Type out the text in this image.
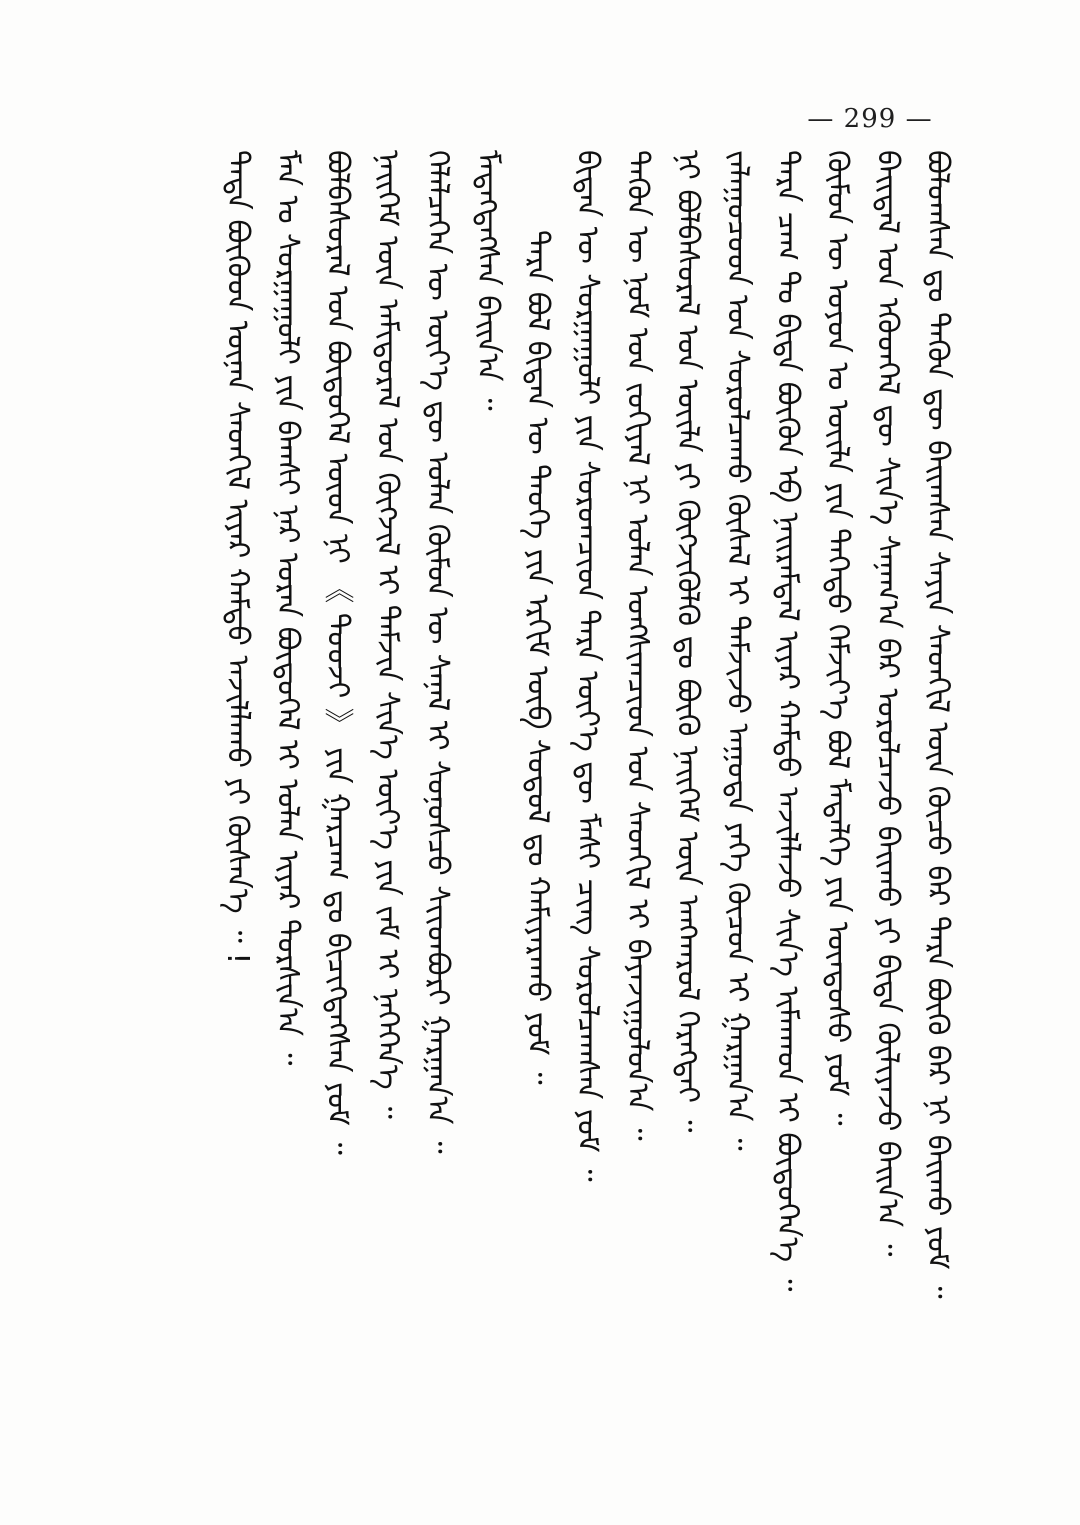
— 299 —
ᠪᠣᠯᠤᠭᠰᠠᠨ ᠳᠤ ᠲᠡᠭᠦᠨ ᠳᠦ ᠪᠠᠢᠭᠰᠠᠨ ᠰᠠᠶᠢᠨ ᠰᠡᠳᠬᠢᠯ ᠦᠨ ᠬᠦᠴᠦ ᠪᠡᠷ ᠲᠡᠷᠡ ᠪᠦᠬᠦ ᠪᠡᠷ ᠨᠢ ᠪᠠᠢᠬᠤ ᠶᠤᠮ ᠃
ᠪᠠᠢᠳᠠᠯ ᠤᠨ ᠡᠭᠦᠳᠭᠡᠯ ᠳᠦ ᠰᠢᠨ᠎ᠡ ᠰᠠᠨᠠᠭ᠎ᠠ ᠪᠠᠷ ᠣᠷᠣᠯᠴᠠᠵᠤ ᠪᠠᠢᠬᠤ ᠶᠢ ᠪᠢᠳᠡ ᠬᠦᠯᠢᠶᠡᠵᠦ ᠪᠠᠢᠨ᠎ᠠ ᠃
ᠬᠦᠮᠦᠨ ᠦ ᠣᠶᠤᠨ ᠤ ᠦᠢᠯᠡ ᠶᠢᠨ ᠳᠡᠭᠡᠳᠦ ᠬᠡᠮᠵᠢᠶ᠎ᠡ ᠪᠣᠯ ᠮᠡᠳᠡᠯᠭᠡ ᠶᠢᠨ ᠦᠨᠳᠦᠰᠦ ᠶᠤᠮ ᠃
ᠲᠡᠷᠡ ᠴᠠᠭ ᠲᠤ ᠪᠢᠳᠡ ᠪᠦᠬᠦᠨ ᠡᠪ ᠨᠠᠢᠷᠠᠮᠳᠠᠯ ᠢᠶᠠᠷ ᠬᠠᠮᠲᠤ ᠠᠵᠢᠯᠯᠠᠵᠤ ᠰᠢᠨ᠎ᠡ ᠢᠮᠠᠬᠠᠳ ᠢ ᠪᠦᠲᠦᠭᠡᠨ᠎ᠡ ᠃
ᠵᠠᠯᠠᠭᠤᠴᠤᠳ ᠤᠨ ᠰᠤᠷᠤᠯᠴᠠᠬᠤ ᠬᠦᠰᠡᠯ ᠢ ᠳᠡᠮᠵᠢᠵᠦ ᠠᠭᠤᠳᠠ ᠶᠡᠬᠡ ᠬᠦᠴᠦᠨ ᠢ ᠭᠠᠷᠭᠠᠨ᠎ᠠ ᠃
ᠨᠢ ᠪᠣᠯᠪᠠᠰᠤᠷᠠᠯ ᠤᠨ ᠦᠢᠯᠡ ᠶᠢ ᠬᠥᠭᠵᠢᠭᠦᠯᠬᠦ ᠳᠤ ᠪᠦᠬᠦ ᠨᠡᠢᠭᠡᠮ ᠦᠨ ᠠᠩᠬᠠᠷᠤᠯ ᠬᠡᠷᠡᠭᠲᠡᠢ ᠃
ᠲᠡᠭᠦᠨ ᠦ ᠨᠣᠮ ᠤᠨ ᠵᠣᠬᠢᠶᠠᠯ ᠨᠢ ᠣᠯᠠᠨ ᠤᠩᠰᠢᠭᠴᠢᠳ ᠤᠨ ᠰᠡᠳᠬᠢᠯ ᠢ ᠪᠠᠶᠠᠵᠢᠭᠤᠯᠤᠨ᠎ᠠ ᠃
ᠪᠢᠳᠡᠨ ᠦ ᠰᠤᠷᠭᠠᠭᠤᠯᠢ ᠶᠢᠨ ᠰᠤᠷᠤᠭᠴᠢᠳ ᠲᠡᠷᠡ ᠦᠶ᠎ᠡ ᠳᠦ ᠮᠠᠰᠢ ᠴᠢᠩ ᠰᠤᠷᠤᠯᠴᠠᠭᠰᠠᠨ ᠶᠤᠮ ᠃
ᠲᠡᠷᠡ ᠪᠣᠯ ᠪᠢᠳᠡᠨ ᠦ ᠲᠡᠦᠬᠡ ᠶᠢᠨ ᠡᠷᠬᠢᠮ ᠦᠪ ᠰᠤᠳᠤᠯ ᠳᠤ ᠬᠠᠮᠢᠶᠠᠷᠠᠬᠤ ᠶᠤᠮ ᠃
ᠮᠡᠳᠡᠭᠳᠡᠭᠰᠡᠨ ᠪᠠᠢᠨ᠎ᠠ ᠃
ᠬᠡᠯᠡᠯᠴᠡᠭᠡᠨ ᠦ ᠦᠶ᠎ᠡ ᠳᠦ ᠣᠯᠠᠨ ᠬᠦᠮᠦᠨ ᠦ ᠰᠠᠨᠠᠯ ᠢ ᠰᠣᠨᠣᠰᠴᠤ ᠰᠢᠢᠳᠪᠦᠷᠢ ᠭᠠᠷᠭᠠᠨ᠎ᠠ ᠃
ᠨᠡᠢᠭᠡᠮ ᠦᠨ ᠠᠮᠢᠳᠤᠷᠠᠯ ᠤᠨ ᠬᠥᠭᠵᠢᠯ ᠢ ᠳᠡᠮᠵᠢᠨ ᠰᠢᠨ᠎ᠡ ᠦᠶ᠎ᠡ ᠶᠢᠨ ᠵᠠᠮ ᠢ ᠨᠡᠭᠡᠭᠡᠨ᠎ᠡ ᠃
ᠪᠣᠯᠪᠠᠰᠤᠷᠠᠯ ᠤᠨ ᠪᠦᠲᠦᠭᠡᠯ ᠦᠳ ᠨᠢ 《 ᠲᠤᠤᠵᠢ 》 ᠶᠢᠨ ᠭᠠᠷᠴᠠᠭ ᠳᠤ ᠪᠢᠴᠢᠭᠳᠡᠭᠰᠡᠨ ᠶᠤᠮ ᠃
ᠮᠠᠨ ᠤ ᠰᠤᠷᠭᠠᠭᠤᠯᠢ ᠶᠢᠨ ᠪᠠᠭᠰᠢ ᠨᠠᠷ ᠤᠷᠠᠨ ᠪᠦᠲᠦᠭᠡᠯ ᠢ ᠣᠯᠠᠨ ᠢᠶᠠᠷ ᠲᠤᠷᠰᠢᠨ᠎ᠠ ᠃
ᠲᠡᠳᠡ ᠪᠦᠬᠦᠳ ᠦᠨᠡᠨ ᠰᠡᠳᠬᠢᠯ ᠢᠶᠠᠷ ᠬᠠᠮᠲᠤ ᠠᠵᠢᠯᠯᠠᠬᠤ ᠶᠢ ᠬᠦᠰᠡᠨ᠎ᠡ ᠃ !
